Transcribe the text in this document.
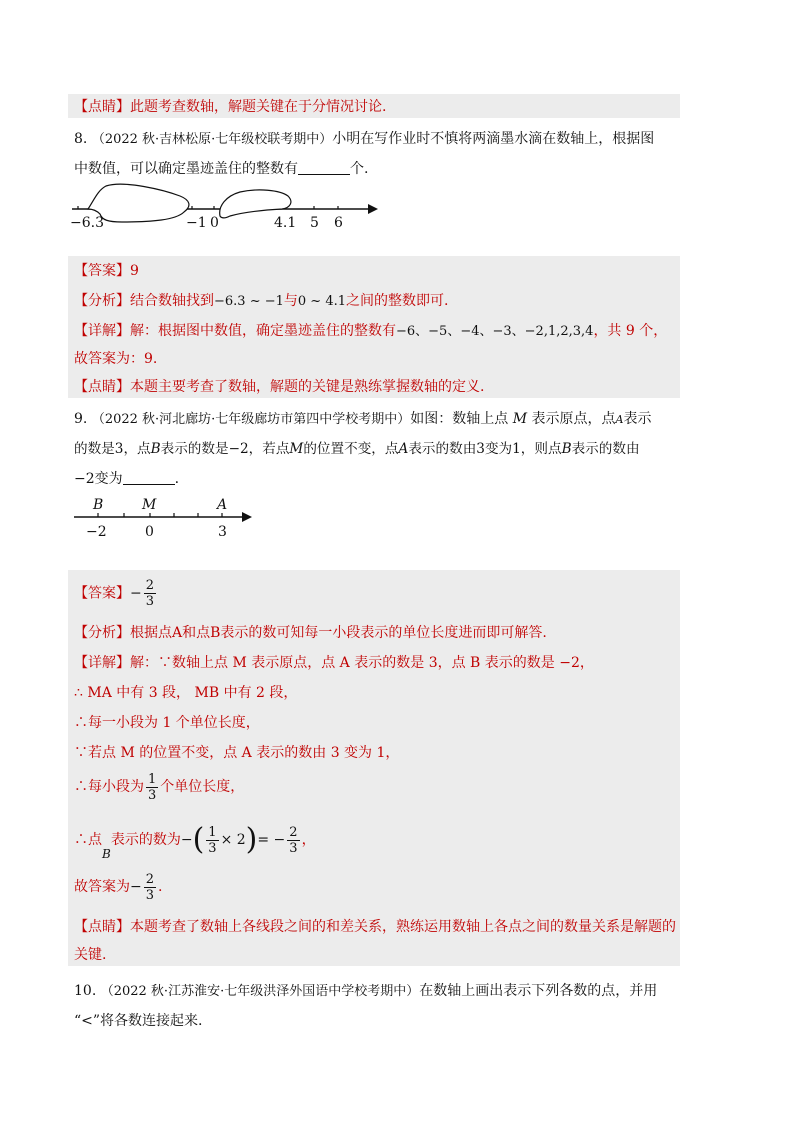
【点睛】此题考查数轴，解题关键在于分情况讨论.
8. （2022 秋·吉林松原·七年级校联考期中）小明在写作业时不慎将两滴墨水滴在数轴上，根据图
中数值，可以确定墨迹盖住的整数有	个.
−6.3	−1 0	4.1 5 6
【答案】9
【分析】结合数轴找到−6.3 ~ −1与0 ~ 4.1之间的整数即可.
【详解】解：根据图中数值，确定墨迹盖住的整数有−6、−5、−4、−3、−2,1,2,3,4，共 9 个，
故答案为：9.
【点睛】本题主要考查了数轴，解题的关键是熟练掌握数轴的定义.
9. （2022 秋·河北廊坊·七年级廊坊市第四中学校考期中）如图：数轴上点 M 表示原点，点A表示
的数是3，点B表示的数是−2，若点M的位置不变，点A表示的数由3变为1，则点B表示的数由
−2变为	.
B	M	A
−2	0	3
【答案】− $\frac{2}{3}$
【分析】根据点A和点B表示的数可知每一小段表示的单位长度进而即可解答.
【详解】解：∵数轴上点 M 表示原点，点 A 表示的数是 3，点 B 表示的数是 −2，
∴ MA 中有 3 段， MB 中有 2 段，
∴每一小段为 1 个单位长度，
∵若点 M 的位置不变，点 A 表示的数由 3 变为 1，
∴每小段为 $\frac{1}{3}$ 个单位长度，
∴点B表示的数为−( $\frac{1}{3} \times 2)= - \frac{2}{3}$ ，
故答案为− $\frac{2}{3}$ .
【点睛】本题考查了数轴上各线段之间的和差关系，熟练运用数轴上各点之间的数量关系是解题的
关键.
10. （2022 秋·江苏淮安·七年级洪泽外国语中学校考期中）在数轴上画出表示下列各数的点，并用
“<”将各数连接起来.
